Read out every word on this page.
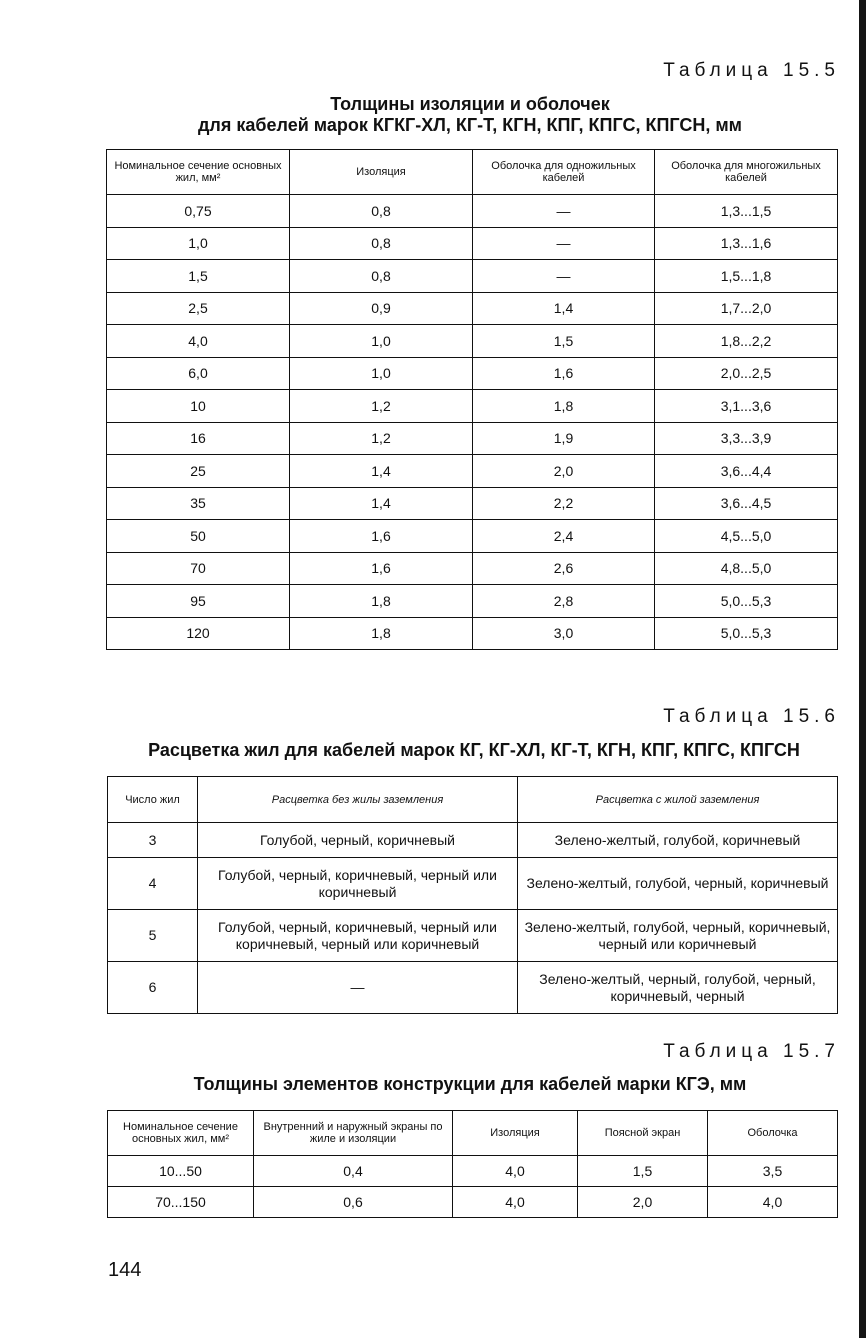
Таблица 15.5
Толщины изоляции и оболочек
для кабелей марок КГКГ-ХЛ, КГ-Т, КГН, КПГ, КПГС, КПГСН, мм
Номинальное сечение основных жил, мм²	Изоляция	Оболочка для одножильных кабелей	Оболочка для многожильных кабелей
0,75	0,8	—	1,3...1,5
1,0	0,8	—	1,3...1,6
1,5	0,8	—	1,5...1,8
2,5	0,9	1,4	1,7...2,0
4,0	1,0	1,5	1,8...2,2
6,0	1,0	1,6	2,0...2,5
10	1,2	1,8	3,1...3,6
16	1,2	1,9	3,3...3,9
25	1,4	2,0	3,6...4,4
35	1,4	2,2	3,6...4,5
50	1,6	2,4	4,5...5,0
70	1,6	2,6	4,8...5,0
95	1,8	2,8	5,0...5,3
120	1,8	3,0	5,0...5,3
Таблица 15.6
Расцветка жил для кабелей марок КГ, КГ-ХЛ, КГ-Т, КГН, КПГ, КПГС, КПГСН
Число жил	Расцветка без жилы заземления	Расцветка с жилой заземления
3	Голубой, черный, коричневый	Зелено-желтый, голубой, коричневый
4	Голубой, черный, коричневый, черный или коричневый	Зелено-желтый, голубой, черный, коричневый
5	Голубой, черный, коричневый, черный или коричневый, черный или коричневый	Зелено-желтый, голубой, черный, коричневый, черный или коричневый
6	—	Зелено-желтый, черный, голубой, черный, коричневый, черный
Таблица 15.7
Толщины элементов конструкции для кабелей марки КГЭ, мм
Номинальное сечение основных жил, мм²	Внутренний и наружный экраны по жиле и изоляции	Изоляция	Поясной экран	Оболочка
10...50	0,4	4,0	1,5	3,5
70...150	0,6	4,0	2,0	4,0
144
